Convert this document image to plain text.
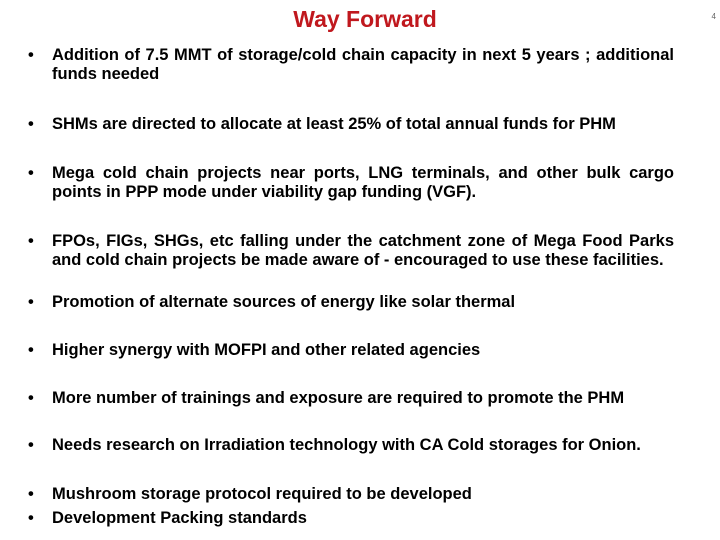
Way Forward	4
•	Addition of 7.5 MMT of storage/cold chain capacity in next 5 years ; additional funds needed
•	SHMs are directed to allocate at least 25% of total annual funds for PHM
•	Mega cold chain projects near ports, LNG terminals, and other bulk cargo points in PPP mode under viability gap funding (VGF).
•	FPOs, FIGs, SHGs, etc falling under the catchment zone of Mega Food Parks and cold chain projects be made aware of - encouraged to use these facilities.
•	Promotion of alternate sources of energy like solar thermal
•	Higher synergy with MOFPI and other related agencies
•	More number of trainings and exposure are required to promote the PHM
•	Needs research on Irradiation technology with CA Cold storages for Onion.
•	Mushroom storage protocol required to be developed
•	Development Packing standards
